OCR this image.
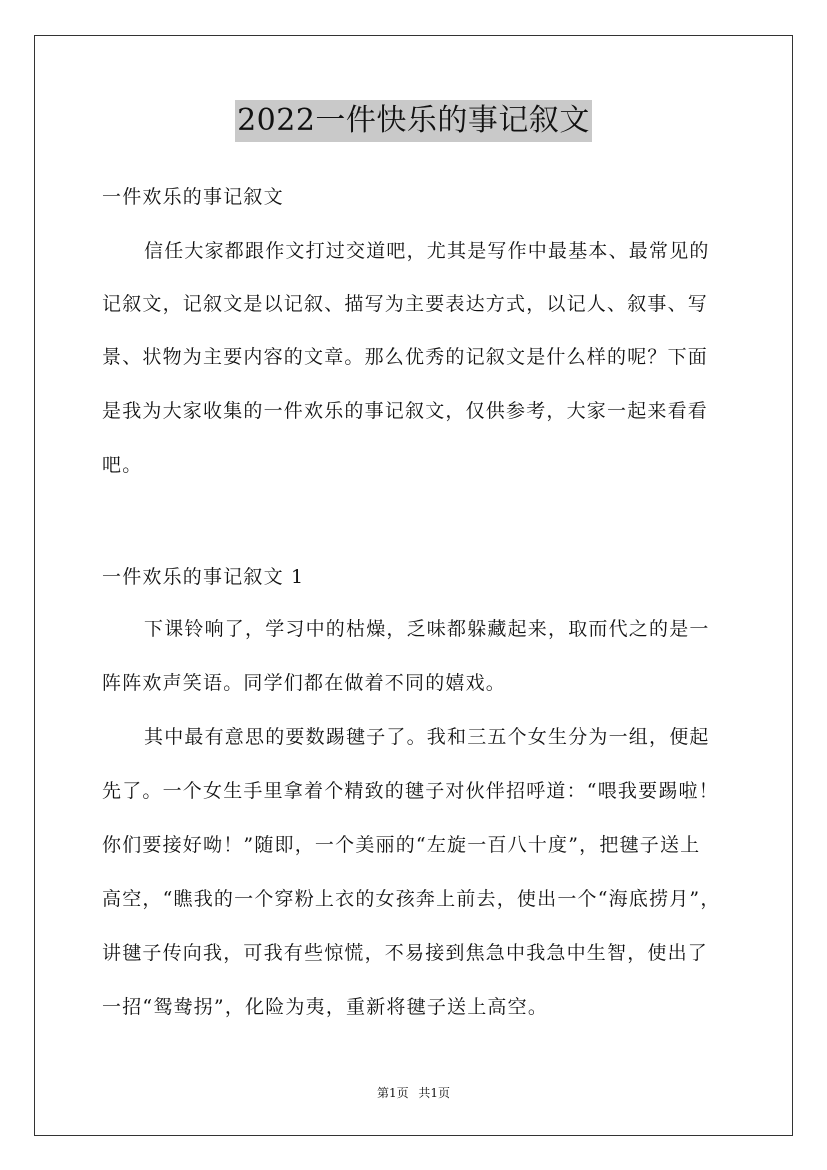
2022一件快乐的事记叙文
一件欢乐的事记叙文
信任大家都跟作文打过交道吧，尤其是写作中最基本、最常见的
记叙文，记叙文是以记叙、描写为主要表达方式，以记人、叙事、写
景、状物为主要内容的文章。那么优秀的记叙文是什么样的呢？下面
是我为大家收集的一件欢乐的事记叙文，仅供参考，大家一起来看看
吧。
一件欢乐的事记叙文 1
下课铃响了，学习中的枯燥，乏味都躲藏起来，取而代之的是一
阵阵欢声笑语。同学们都在做着不同的嬉戏。
其中最有意思的要数踢毽子了。我和三五个女生分为一组，便起
先了。一个女生手里拿着个精致的毽子对伙伴招呼道：“喂我要踢啦！
你们要接好呦！”随即，一个美丽的“左旋一百八十度”，把毽子送上
高空，“瞧我的一个穿粉上衣的女孩奔上前去，使出一个“海底捞月”，
讲毽子传向我，可我有些惊慌，不易接到焦急中我急中生智，使出了
一招“鸳鸯拐”，化险为夷，重新将毽子送上高空。
第1页 共1页
